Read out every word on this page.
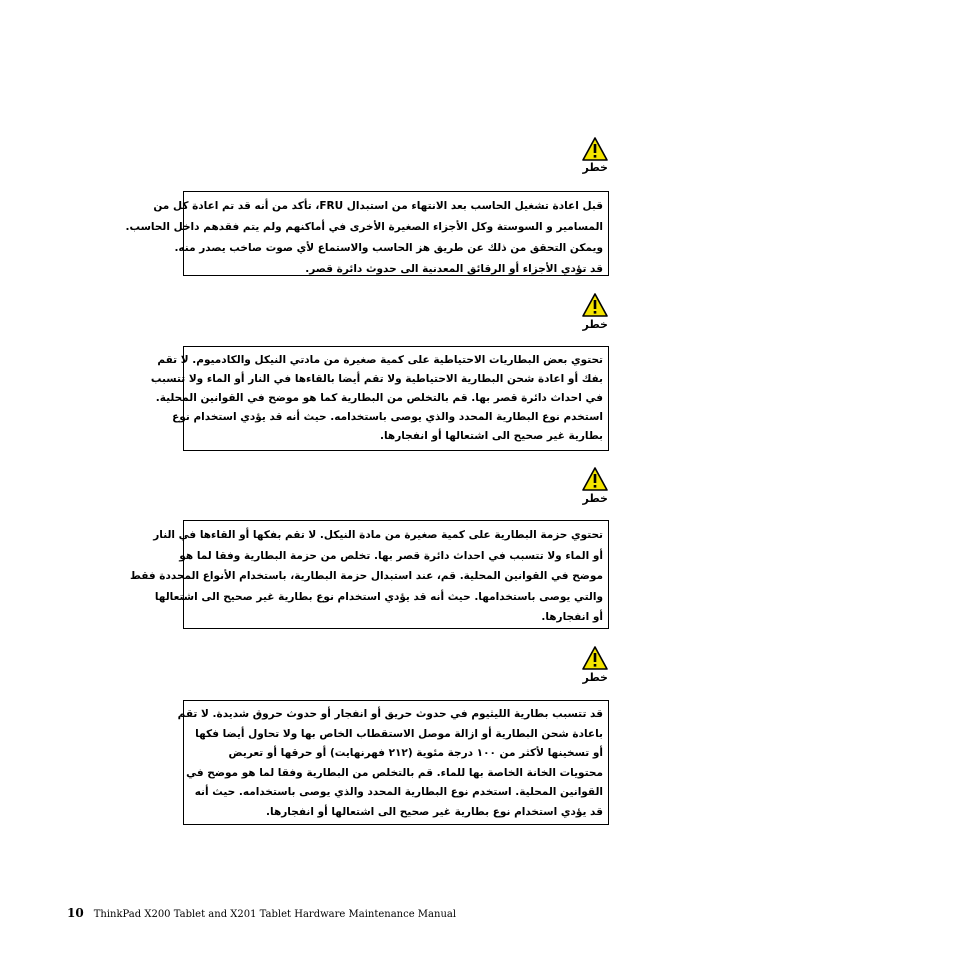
خطر

قبل اعادة تشغيل الحاسب بعد الانتهاء من استبدال FRU، تأكد من أنه قد تم اعادة كل من

المسامير و السوستة وكل الأجزاء الصغيرة الأخرى في أماكنهم ولم يتم فقدهم داخل الحاسب.

ويمكن التحقق من ذلك عن طريق هز الحاسب والاستماع لأي صوت صاخب يصدر منه.

قد تؤدي الأجزاء أو الرقائق المعدنية الى حدوث دائرة قصر.

خطر

تحتوي بعض البطاريات الاحتياطية على كمية صغيرة من مادتي النيكل والكادميوم. لا تقم

بفك أو اعادة شحن البطارية الاحتياطية ولا تقم أيضا بالقاءها في النار أو الماء ولا تتسبب

في احداث دائرة قصر بها. قم بالتخلص من البطارية كما هو موضح في القوانين المحلية.

استخدم نوع البطارية المحدد والذي يوصى باستخدامه. حيث أنه قد يؤدي استخدام نوع

بطارية غير صحيح الى اشتعالها أو انفجارها.

خطر

تحتوي حزمة البطارية على كمية صغيرة من مادة النيكل. لا تقم بفكها أو القاءها في النار

أو الماء ولا تتسبب في احداث دائرة قصر بها. تخلص من حزمة البطارية وفقا لما هو

موضح في القوانين المحلية. قم، عند استبدال حزمة البطارية، باستخدام الأنواع المحددة فقط

والتي يوصى باستخدامها. حيث أنه قد يؤدي استخدام نوع بطارية غير صحيح الى اشتعالها

أو انفجارها.

خطر

قد تتسبب بطارية الليثيوم في حدوث حريق أو انفجار أو حدوث حروق شديدة. لا تقم

باعادة شحن البطارية أو ازالة موصل الاستقطاب الخاص بها ولا تحاول أيضا فكها

أو تسخينها لأكثر من ١٠٠ درجة مئوية (٢١٢ فهرنهايت) أو حرقها أو تعريض

محتويات الخانة الخاصة بها للماء. قم بالتخلص من البطارية وفقا لما هو موضح في

القوانين المحلية. استخدم نوع البطارية المحدد والذي يوصى باستخدامه. حيث أنه

قد يؤدي استخدام نوع بطارية غير صحيح الى اشتعالها أو انفجارها.

10 ThinkPad X200 Tablet and X201 Tablet Hardware Maintenance Manual
